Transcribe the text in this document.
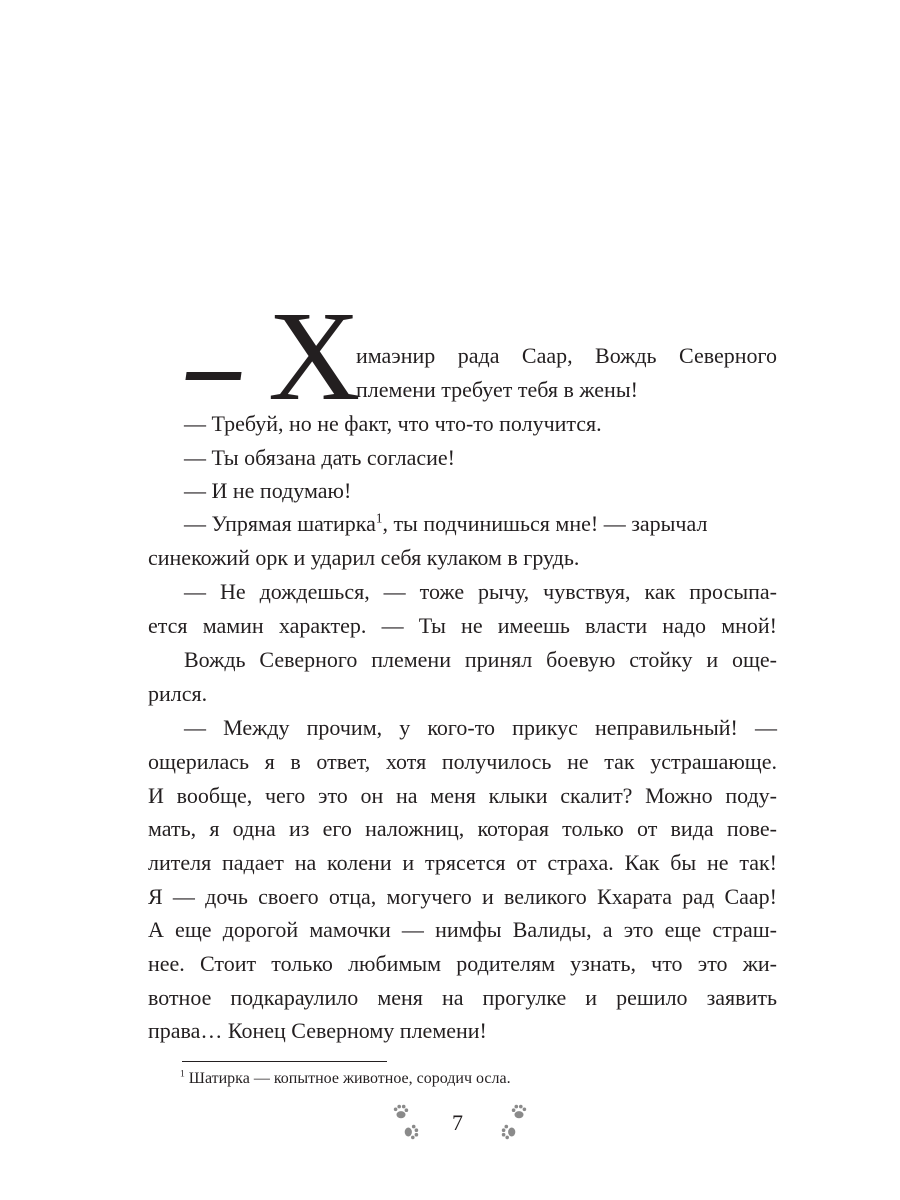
Х
имаэнир рада Саар, Вождь Северного
племени требует тебя в жены!
— Требуй, но не факт, что что-то получится.
— Ты обязана дать согласие!
— И не подумаю!
— Упрямая шатирка$^1$, ты подчинишься мне! — зарычал
синекожий орк и ударил себя кулаком в грудь.
— Не дождешься, — тоже рычу, чувствуя, как просыпа-
ется мамин характер. — Ты не имеешь власти надо мной!
Вождь Северного племени принял боевую стойку и още-
рился.
— Между прочим, у кого-то прикус неправильный! —
ощерилась я в ответ, хотя получилось не так устрашающе.
И вообще, чего это он на меня клыки скалит? Можно поду-
мать, я одна из его наложниц, которая только от вида пове-
лителя падает на колени и трясется от страха. Как бы не так!
Я — дочь своего отца, могучего и великого Кхарата рад Саар!
А еще дорогой мамочки — нимфы Валиды, а это еще страш-
нее. Стоит только любимым родителям узнать, что это жи-
вотное подкараулило меня на прогулке и решило заявить
права… Конец Северному племени!
$^1$ Шатирка — копытное животное, сородич осла.
7
